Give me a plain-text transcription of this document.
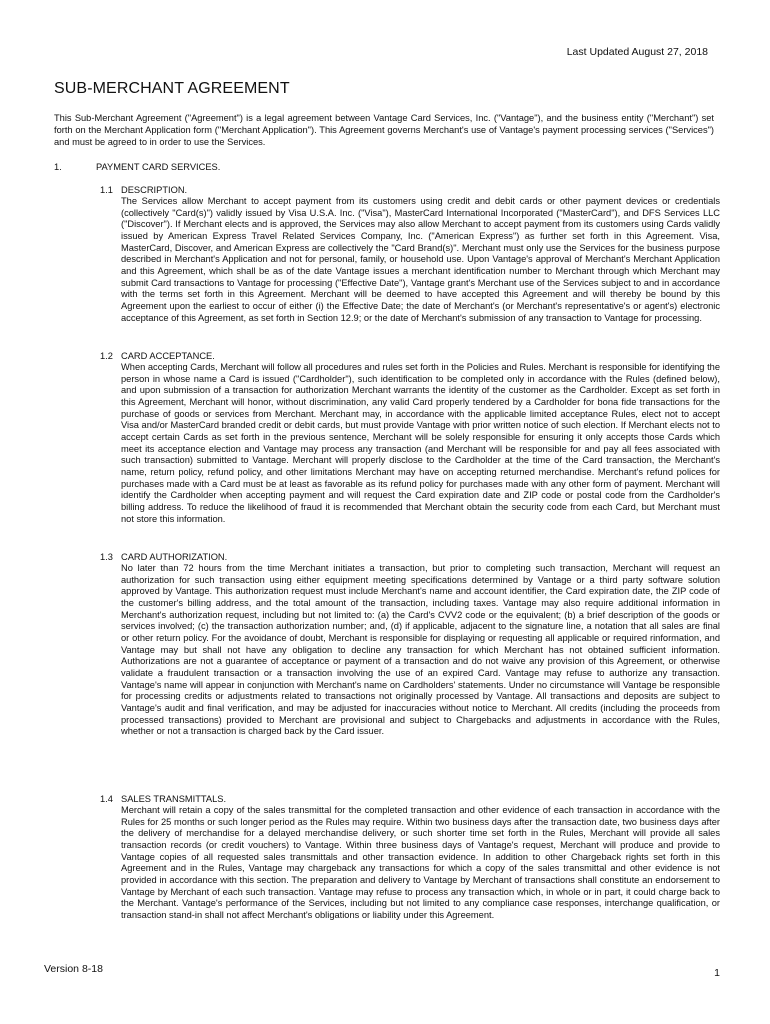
Last Updated August 27, 2018
SUB-MERCHANT AGREEMENT

This Sub-Merchant Agreement ("Agreement") is a legal agreement between Vantage Card Services, Inc. ("Vantage"), and the business entity ("Merchant") set forth on the Merchant Application form ("Merchant Application"). This Agreement governs Merchant's use of Vantage's payment processing services ("Services") and must be agreed to in order to use the Services.

1.	PAYMENT CARD SERVICES.
1.1 DESCRIPTION.

The Services allow Merchant to accept payment from its customers using credit and debit cards or other payment devices or credentials (collectively "Card(s)") validly issued by Visa U.S.A. Inc. ("Visa"), MasterCard International Incorporated ("MasterCard"), and DFS Services LLC ("Discover"). If Merchant elects and is approved, the Services may also allow Merchant to accept payment from its customers using Cards validly issued by American Express Travel Related Services Company, Inc. ("American Express") as further set forth in this Agreement. Visa, MasterCard, Discover, and American Express are collectively the "Card Brand(s)". Merchant must only use the Services for the business purpose described in Merchant's Application and not for personal, family, or household use. Upon Vantage's approval of Merchant's Merchant Application and this Agreement, which shall be as of the date Vantage issues a merchant identification number to Merchant through which Merchant may submit Card transactions to Vantage for processing ("Effective Date"), Vantage grant's Merchant use of the Services subject to and in accordance with the terms set forth in this Agreement. Merchant will be deemed to have accepted this Agreement and will thereby be bound by this Agreement upon the earliest to occur of either (i) the Effective Date; the date of Merchant's (or Merchant's representative's or agent's) electronic acceptance of this Agreement, as set forth in Section 12.9; or the date of Merchant's submission of any transaction to Vantage for processing.

1.2 CARD ACCEPTANCE.

When accepting Cards, Merchant will follow all procedures and rules set forth in the Policies and Rules. Merchant is responsible for identifying the person in whose name a Card is issued ("Cardholder"), such identification to be completed only in accordance with the Rules (defined below), and upon submission of a transaction for authorization Merchant warrants the identity of the customer as the Cardholder. Except as set forth in this Agreement, Merchant will honor, without discrimination, any valid Card properly tendered by a Cardholder for bona fide transactions for the purchase of goods or services from Merchant. Merchant may, in accordance with the applicable limited acceptance Rules, elect not to accept Visa and/or MasterCard branded credit or debit cards, but must provide Vantage with prior written notice of such election. If Merchant elects not to accept certain Cards as set forth in the previous sentence, Merchant will be solely responsible for ensuring it only accepts those Cards which meet its acceptance election and Vantage may process any transaction (and Merchant will be responsible for and pay all fees associated with such transaction) submitted to Vantage. Merchant will properly disclose to the Cardholder at the time of the Card transaction, the Merchant's name, return policy, refund policy, and other limitations Merchant may have on accepting returned merchandise. Merchant's refund polices for purchases made with a Card must be at least as favorable as its refund policy for purchases made with any other form of payment. Merchant will identify the Cardholder when accepting payment and will request the Card expiration date and ZIP code or postal code from the Cardholder's billing address. To reduce the likelihood of fraud it is recommended that Merchant obtain the security code from each Card, but Merchant must not store this information.

1.3 CARD AUTHORIZATION.

No later than 72 hours from the time Merchant initiates a transaction, but prior to completing such transaction, Merchant will request an authorization for such transaction using either equipment meeting specifications determined by Vantage or a third party software solution approved by Vantage. This authorization request must include Merchant's name and account identifier, the Card expiration date, the ZIP code of the customer's billing address, and the total amount of the transaction, including taxes. Vantage may also require additional information in Merchant's authorization request, including but not limited to: (a) the Card's CVV2 code or the equivalent; (b) a brief description of the goods or services involved; (c) the transaction authorization number; and, (d) if applicable, adjacent to the signature line, a notation that all sales are final or other return policy. For the avoidance of doubt, Merchant is responsible for displaying or requesting all applicable or required rinformation, and Vantage may but shall not have any obligation to decline any transaction for which Merchant has not obtained sufficient information. Authorizations are not a guarantee of acceptance or payment of a transaction and do not waive any provision of this Agreement, or otherwise validate a fraudulent transaction or a transaction involving the use of an expired Card. Vantage may refuse to authorize any transaction. Vantage's name will appear in conjunction with Merchant's name on Cardholders' statements. Under no circumstance will Vantage be responsible for processing credits or adjustments related to transactions not originally processed by Vantage. All transactions and deposits are subject to Vantage's audit and final verification, and may be adjusted for inaccuracies without notice to Merchant. All credits (including the proceeds from processed transactions) provided to Merchant are provisional and subject to Chargebacks and adjustments in accordance with the Rules, whether or not a transaction is charged back by the Card issuer.

1.4 SALES TRANSMITTALS.

Merchant will retain a copy of the sales transmittal for the completed transaction and other evidence of each transaction in accordance with the Rules for 25 months or such longer period as the Rules may require. Within two business days after the transaction date, two business days after the delivery of merchandise for a delayed merchandise delivery, or such shorter time set forth in the Rules, Merchant will provide all sales transaction records (or credit vouchers) to Vantage. Within three business days of Vantage's request, Merchant will produce and provide to Vantage copies of all requested sales transmittals and other transaction evidence. In addition to other Chargeback rights set forth in this Agreement and in the Rules, Vantage may chargeback any transactions for which a copy of the sales transmittal and other evidence is not provided in accordance with this section. The preparation and delivery to Vantage by Merchant of transactions shall constitute an endorsement to Vantage by Merchant of each such transaction. Vantage may refuse to process any transaction which, in whole or in part, it could charge back to the Merchant. Vantage's performance of the Services, including but not limited to any compliance case responses, interchange qualification, or transaction stand-in shall not affect Merchant's obligations or liability under this Agreement.

Version 8-18	1
